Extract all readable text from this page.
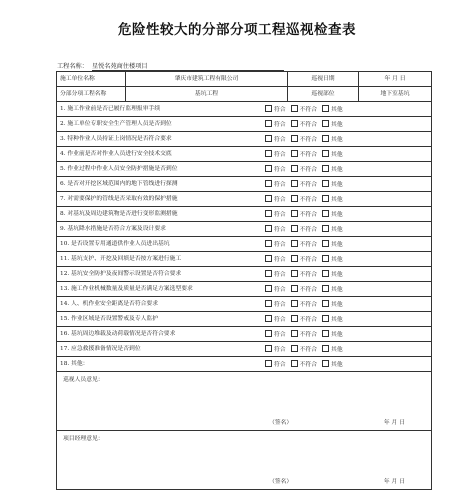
危险性较大的分部分项工程巡视检查表
工程名称： 星悦名苑商住楼项目
施工单位名称	肇庆市建筑工程有限公司	巡视日期	年 月 日
分部分项工程名称	基坑工程	巡视部位	地下室基坑
1. 施工作业前是否已履行监理报审手续 符合 不符合 其他			

2. 施工单位专职安全生产管理人员是否到位 符合 不符合 其他			

3. 特种作业人员持证上岗情况是否符合要求 符合 不符合 其他			

4. 作业前是否对作业人员进行安全技术交底 符合 不符合 其他			

5. 作业过程中作业人员安全防护措施是否到位 符合 不符合 其他			

6. 是否对开挖区域范围内的地下管线进行探测 符合 不符合 其他			

7. 对需要保护的管线是否采取有效的保护措施 符合 不符合 其他			

8. 对基坑及周边建筑物是否进行变形监测措施 符合 不符合 其他			

9. 基坑降水措施是否符合方案及设计要求 符合 不符合 其他			

10. 是否设置专用通道供作业人员进出基坑 符合 不符合 其他			

11. 基坑支护、开挖及回填是否按方案进行施工 符合 不符合 其他			

12. 基坑安全防护及夜间警示设置是否符合要求 符合 不符合 其他			

13. 施工作业机械数量及质量是否满足方案选型要求 符合 不符合 其他			

14. 人、机作业安全距离是否符合要求 符合 不符合 其他			

15. 作业区域是否设置警戒及专人监护 符合 不符合 其他			

16. 基坑周边堆载及动荷载情况是否符合要求 符合 不符合 其他			

17. 应急救援准备情况是否到位 符合 不符合 其他			

18. 其他： 符合 不符合 其他			

巡视人员意见：
（签名） 年 月 日			

项目经理意见：
（签名） 年 月 日			
